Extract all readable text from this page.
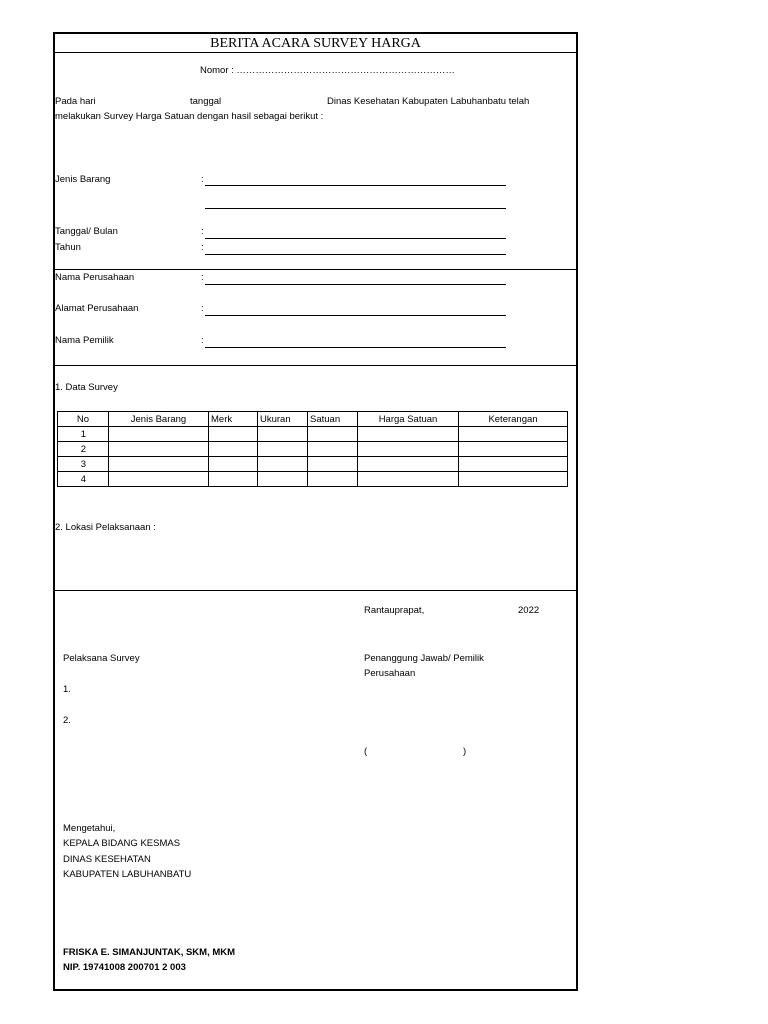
BERITA ACARA SURVEY HARGA
Nomor : ……………………………………………………………
Pada hari	tanggal	Dinas Kesehatan Kabupaten Labuhanbatu telah
melakukan Survey Harga Satuan dengan hasil sebagai berikut :
Jenis Barang	:
Tanggal/ Bulan	:
Tahun	:
Nama Perusahaan	:
Alamat Perusahaan	:
Nama Pemilik	:
1. Data Survey
No	Jenis Barang	Merk	Ukuran	Satuan	Harga Satuan	Keterangan
1						
2						
3						
4						
2. Lokasi Pelaksanaan :
Rantauprapat,	2022
Pelaksana Survey	Penanggung Jawab/ Pemilik
Perusahaan
1.
2.
(	)
Mengetahui,
KEPALA BIDANG KESMAS
DINAS KESEHATAN
KABUPATEN LABUHANBATU
FRISKA E. SIMANJUNTAK, SKM, MKM
NIP. 19741008 200701 2 003
